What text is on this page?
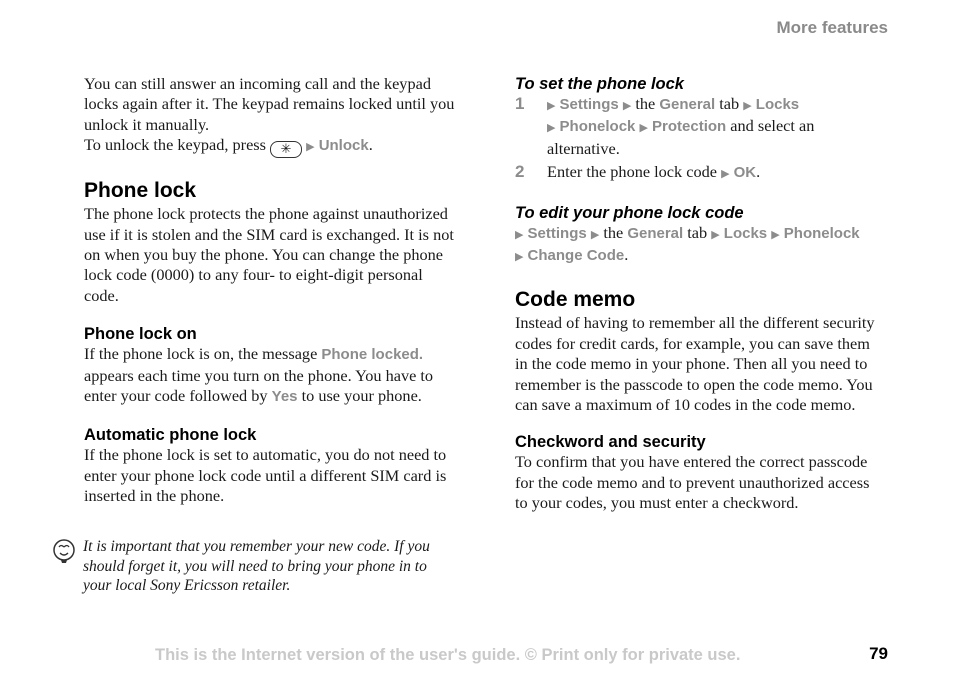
More features

You can still answer an incoming call and the keypad locks again after it. The keypad remains locked until you unlock it manually.
To unlock the keypad, press ✳ ▶ Unlock.

Phone lock

The phone lock protects the phone against unauthorized use if it is stolen and the SIM card is exchanged. It is not on when you buy the phone. You can change the phone lock code (0000) to any four- to eight-digit personal code.

Phone lock on

If the phone lock is on, the message Phone locked. appears each time you turn on the phone. You have to enter your code followed by Yes to use your phone.

Automatic phone lock

If the phone lock is set to automatic, you do not need to enter your phone lock code until a different SIM card is inserted in the phone.

It is important that you remember your new code. If you should forget it, you will need to bring your phone in to your local Sony Ericsson retailer.

To set the phone lock
1 ▶ Settings ▶ the General tab ▶ Locks
▶ Phonelock ▶ Protection and select an alternative.

2 Enter the phone lock code ▶ OK.

To edit your phone lock code

▶ Settings ▶ the General tab ▶ Locks ▶ Phonelock
▶ Change Code.

Code memo

Instead of having to remember all the different security codes for credit cards, for example, you can save them in the code memo in your phone. Then all you need to remember is the passcode to open the code memo. You can save a maximum of 10 codes in the code memo.

Checkword and security

To confirm that you have entered the correct passcode for the code memo and to prevent unauthorized access to your codes, you must enter a checkword.

This is the Internet version of the user's guide. © Print only for private use.	79
